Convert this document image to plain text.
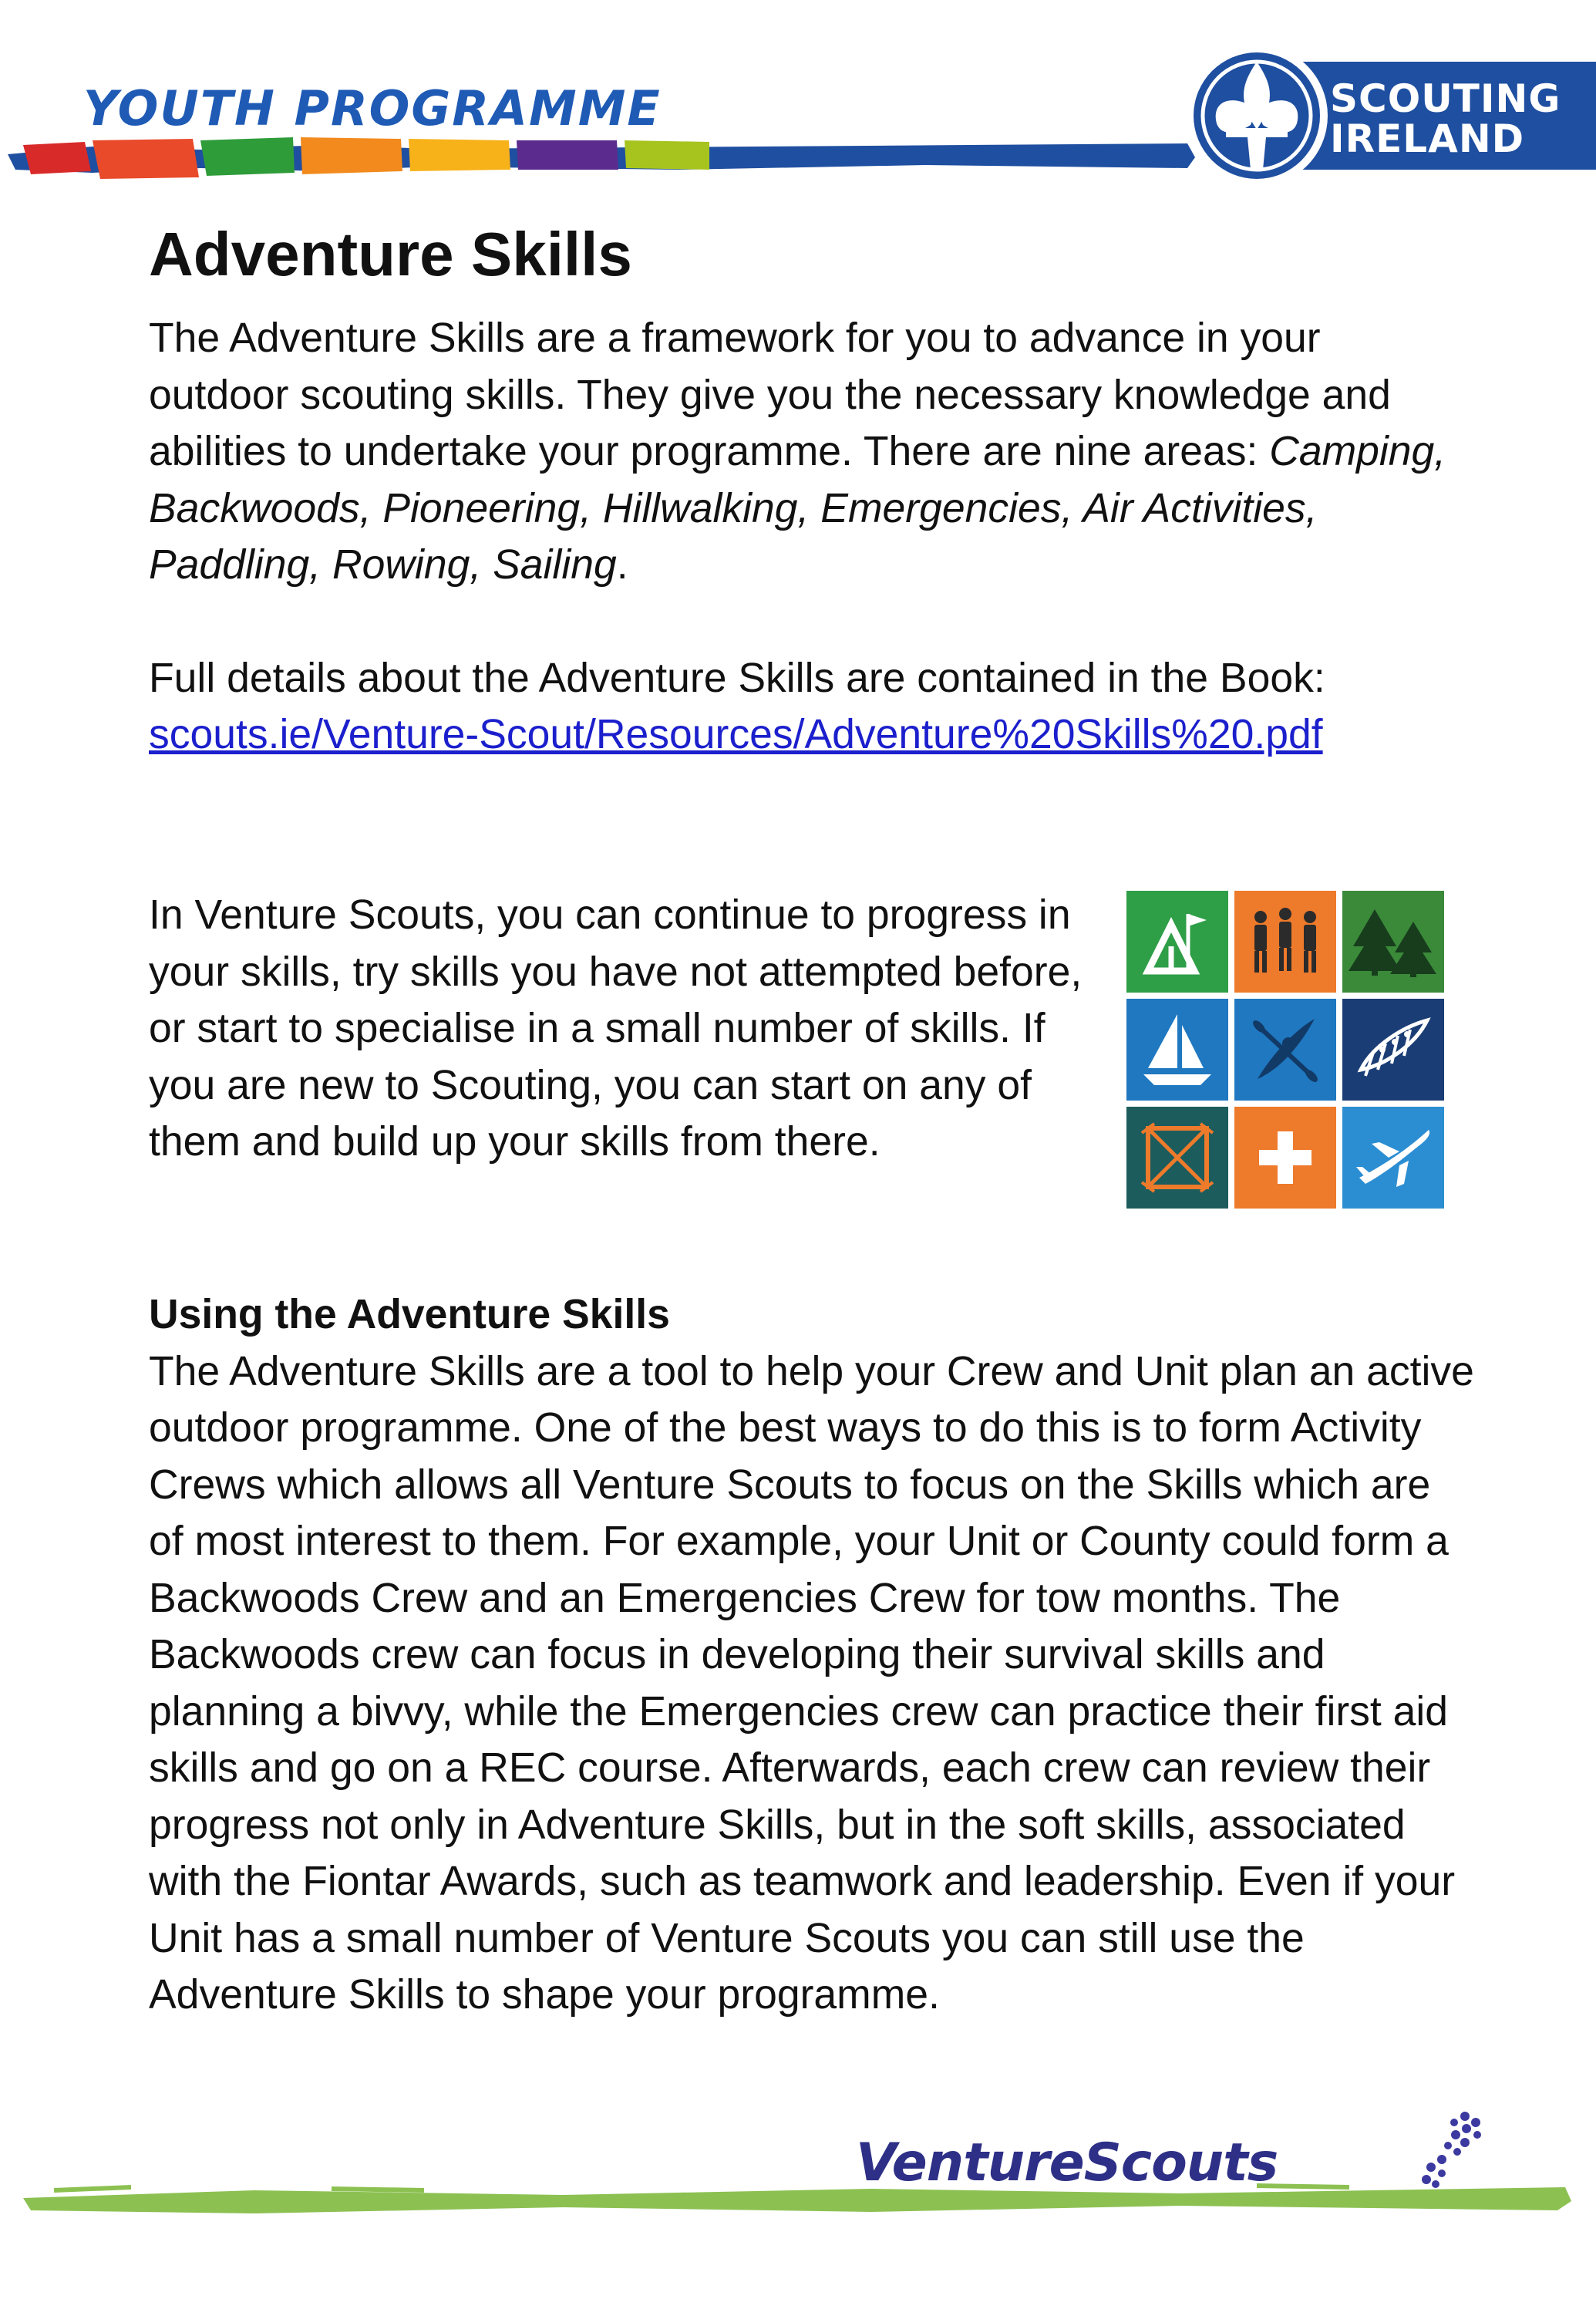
YOUTH PROGRAMME	SCOUTING
IRELAND
Adventure Skills

The Adventure Skills are a framework for you to advance in your outdoor scouting skills. They give you the necessary knowledge and abilities to undertake your programme. There are nine areas: Camping, Backwoods, Pioneering, Hillwalking, Emergencies, Air Activities, Paddling, Rowing, Sailing.

Full details about the Adventure Skills are contained in the Book:
scouts.ie/Venture-Scout/Resources/Adventure%20Skills%20.pdf

In Venture Scouts, you can continue to progress in your skills, try skills you have not attempted before, or start to specialise in a small number of skills. If you are new to Scouting, you can start on any of them and build up your skills from there.

Using the Adventure Skills

The Adventure Skills are a tool to help your Crew and Unit plan an active outdoor programme. One of the best ways to do this is to form Activity Crews which allows all Venture Scouts to focus on the Skills which are of most interest to them. For example, your Unit or County could form a Backwoods Crew and an Emergencies Crew for tow months. The Backwoods crew can focus in developing their survival skills and planning a bivvy, while the Emergencies crew can practice their first aid skills and go on a REC course. Afterwards, each crew can review their progress not only in Adventure Skills, but in the soft skills, associated with the Fiontar Awards, such as teamwork and leadership. Even if your Unit has a small number of Venture Scouts you can still use the Adventure Skills to shape your programme.

VentureScouts
